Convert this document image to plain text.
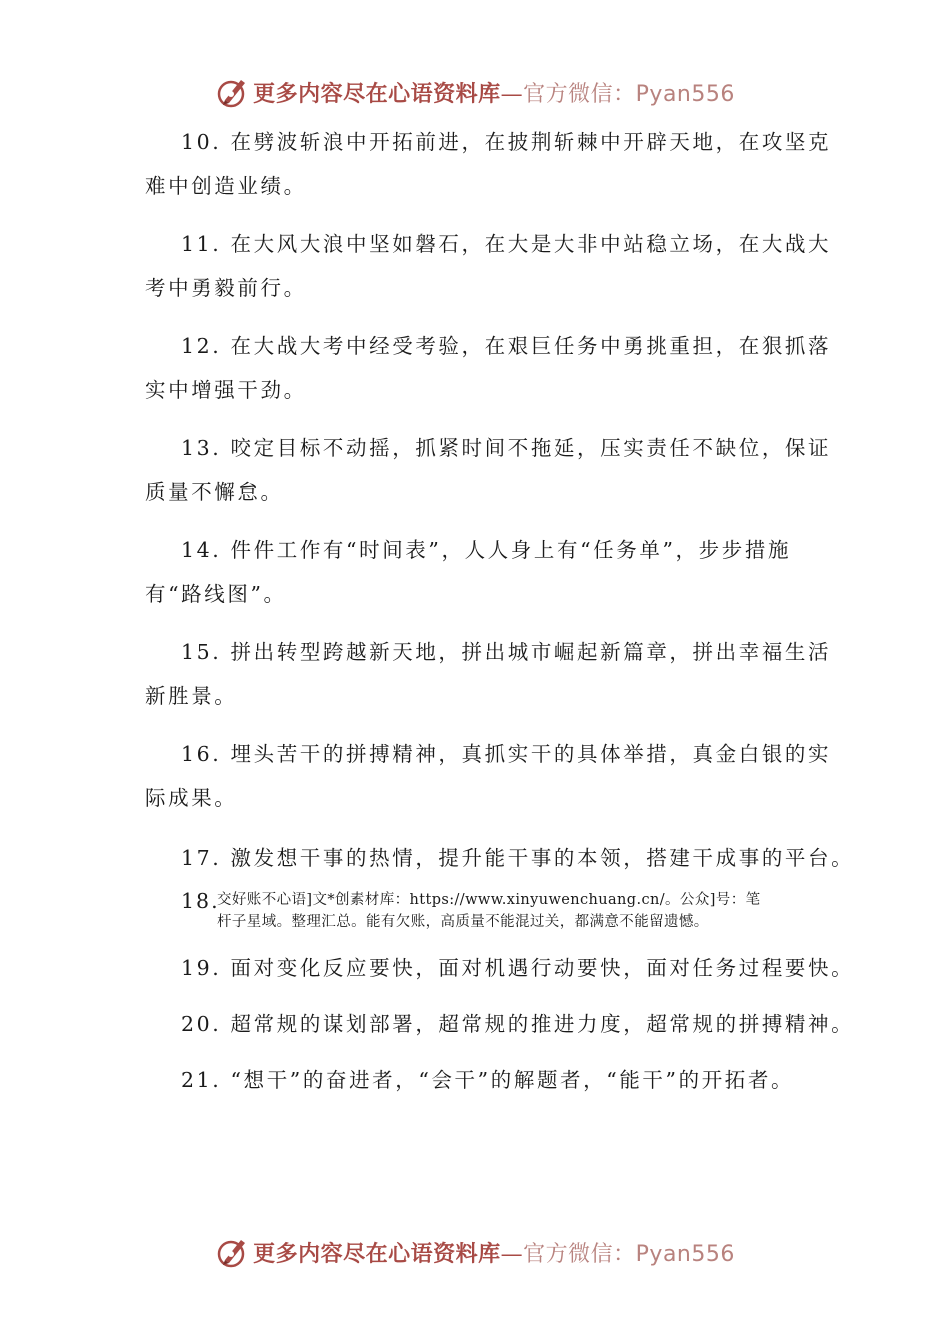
更多内容尽在心语资料库—官方微信：Pyan556
10. 在劈波斩浪中开拓前进，在披荆斩棘中开辟天地，在攻坚克
难中创造业绩。
11. 在大风大浪中坚如磐石，在大是大非中站稳立场，在大战大
考中勇毅前行。
12. 在大战大考中经受考验，在艰巨任务中勇挑重担，在狠抓落
实中增强干劲。
13. 咬定目标不动摇，抓紧时间不拖延，压实责任不缺位，保证
质量不懈怠。
14. 件件工作有“时间表”，人人身上有“任务单”，步步措施
有“路线图”。
15. 拼出转型跨越新天地，拼出城市崛起新篇章，拼出幸福生活
新胜景。
16. 埋头苦干的拼搏精神，真抓实干的具体举措，真金白银的实
际成果。
17. 激发想干事的热情，提升能干事的本领，搭建干成事的平台。
18.
交好账不心语]文*创素材库：https://www.xinyuwenchuang.cn/。公众]号：笔
杆子星域。整理汇总。能有欠账，高质量不能混过关，都满意不能留遗憾。
19. 面对变化反应要快，面对机遇行动要快，面对任务过程要快。
20. 超常规的谋划部署，超常规的推进力度，超常规的拼搏精神。
21. “想干”的奋进者，“会干”的解题者，“能干”的开拓者。
更多内容尽在心语资料库—官方微信：Pyan556
